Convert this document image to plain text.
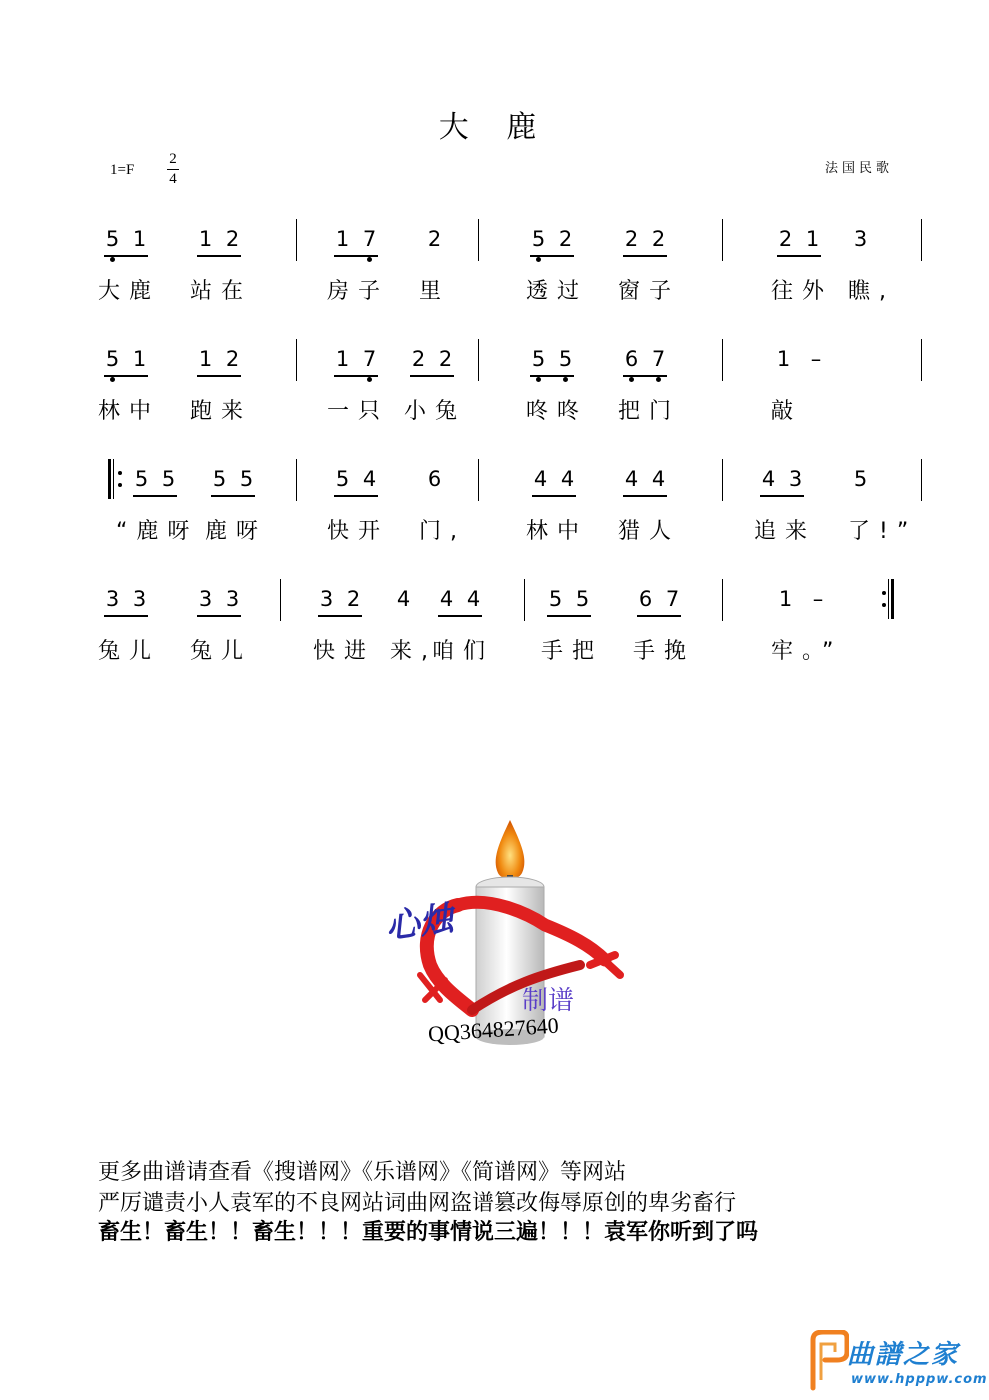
大 鹿
1=F
2
4
法国民歌
5 1	1 2	1 7 2	5 2	2 2	2 1 3
大鹿 站在	房子 里	透过 窗子	往外 瞧,
5 1	1 2	1 7 2 2	5 5	6 7	1 –
林中 跑来	一只 小兔	咚咚 把门	敲
5 5 5 5	5 4 6	4 4 4 4	4 3 5
“鹿呀 鹿呀	快开 门,	林中 猎人	追来 了!”
3 3	3 3	3 2 4 4 4	5 5 6 7	1 –
兔儿 兔儿	快进 来,
咱们 手把 手挽	牢。”
心烛
制谱
QQ364827640
更多曲谱请查看《搜谱网》《乐谱网》《简谱网》等网站
严厉谴责小人袁军的不良网站词曲网盗谱篡改侮辱原创的卑劣畜行
畜生！畜生！！畜生！！！重要的事情说三遍！！！袁军你听到了吗
曲譜之家
www.hpppw.com
